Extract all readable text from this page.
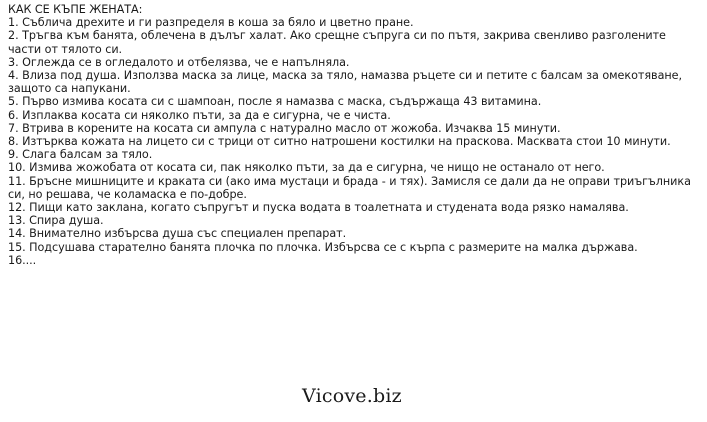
КАК СЕ КЪПЕ ЖЕНАТА:
1. Съблича дрехите и ги разпределя в коша за бяло и цветно пране.
2. Тръгва към банята, облечена в дълъг халат. Ако срещне съпруга си по пътя, закрива свенливо разголените части от тялото си.
3. Оглежда се в огледалото и отбелязва, че е напълняла.
4. Влиза под душа. Използва маска за лице, маска за тяло, намазва ръцете си и петите с балсам за омекотяване, защото са напукани.
5. Първо измива косата си с шампоан, после я намазва с маска, съдържаща 43 витамина.
6. Изплаква косата си няколко пъти, за да е сигурна, че е чиста.
7. Втрива в корените на косата си ампула с натурално масло от жожоба. Изчаква 15 минути.
8. Изтърква кожата на лицето си с трици от ситно натрошени костилки на праскова. Масквата стои 10 минути.
9. Слага балсам за тяло.
10. Измива жожобата от косата си, пак няколко пъти, за да е сигурна, че нищо не останало от него.
11. Бръсне мишниците и краката си (ако има мустаци и брада - и тях). Замисля се дали да не оправи триъгълника си, но решава, че коламаска е по-добре.
12. Пищи като заклана, когато съпругът и пуска водата в тоалетната и студената вода рязко намалява.
13. Спира душа.
14. Внимателно избърсва душа със специален препарат.
15. Подсушава старателно банята плочка по плочка. Избърсва се с кърпа с размерите на малка държава.
16....
Vicove.biz
